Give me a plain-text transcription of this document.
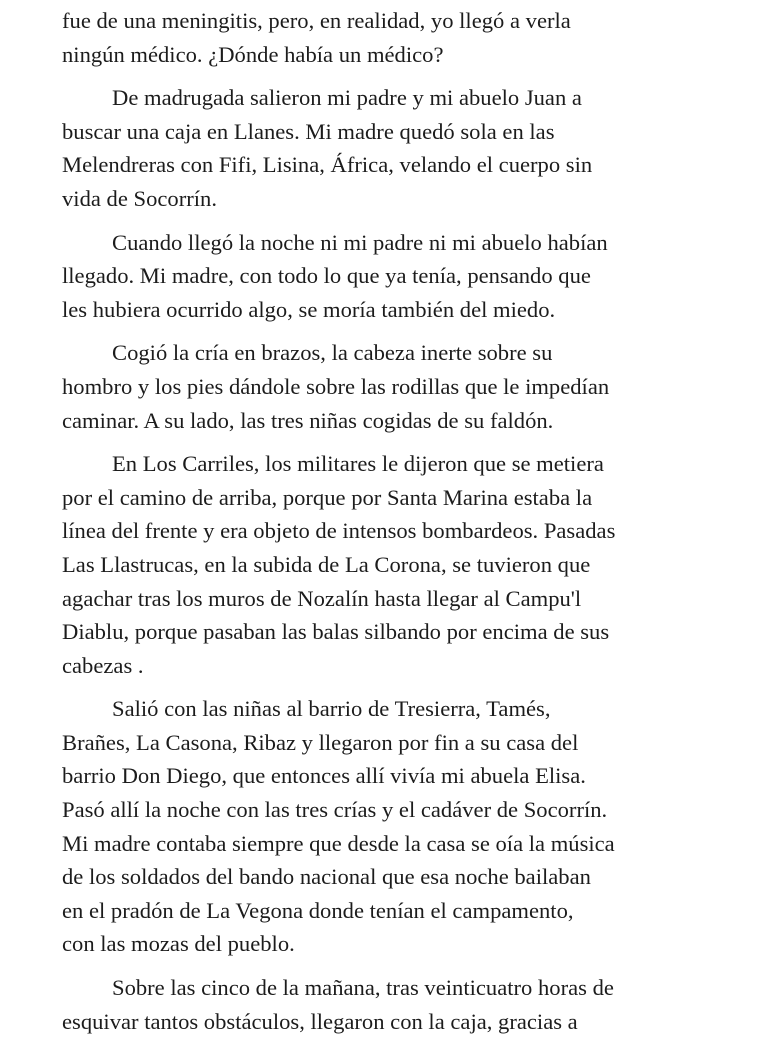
fue de una meningitis, pero, en realidad, yo llegó a verla
ningún médico. ¿Dónde había un médico?
De madrugada salieron mi padre y mi abuelo Juan a
buscar una caja en Llanes. Mi madre quedó sola en las
Melendreras con Fifi, Lisina, África, velando el cuerpo sin
vida de Socorrín.
Cuando llegó la noche ni mi padre ni mi abuelo habían
llegado. Mi madre, con todo lo que ya tenía, pensando que
les hubiera ocurrido algo, se moría también del miedo.
Cogió la cría en brazos, la cabeza inerte sobre su
hombro y los pies dándole sobre las rodillas que le impedían
caminar. A su lado, las tres niñas cogidas de su faldón.
En Los Carriles, los militares le dijeron que se metiera
por el camino de arriba, porque por Santa Marina estaba la
línea del frente y era objeto de intensos bombardeos. Pasadas
Las Llastrucas, en la subida de La Corona, se tuvieron que
agachar tras los muros de Nozalín hasta llegar al Campu'l
Diablu, porque pasaban las balas silbando por encima de sus
cabezas .
Salió con las niñas al barrio de Tresierra, Tamés,
Brañes, La Casona, Ribaz y llegaron por fin a su casa del
barrio Don Diego, que entonces allí vivía mi abuela Elisa.
Pasó allí la noche con las tres crías y el cadáver de Socorrín.
Mi madre contaba siempre que desde la casa se oía la música
de los soldados del bando nacional que esa noche bailaban
en el pradón de La Vegona donde tenían el campamento,
con las mozas del pueblo.
Sobre las cinco de la mañana, tras veinticuatro horas de
esquivar tantos obstáculos, llegaron con la caja, gracias a
